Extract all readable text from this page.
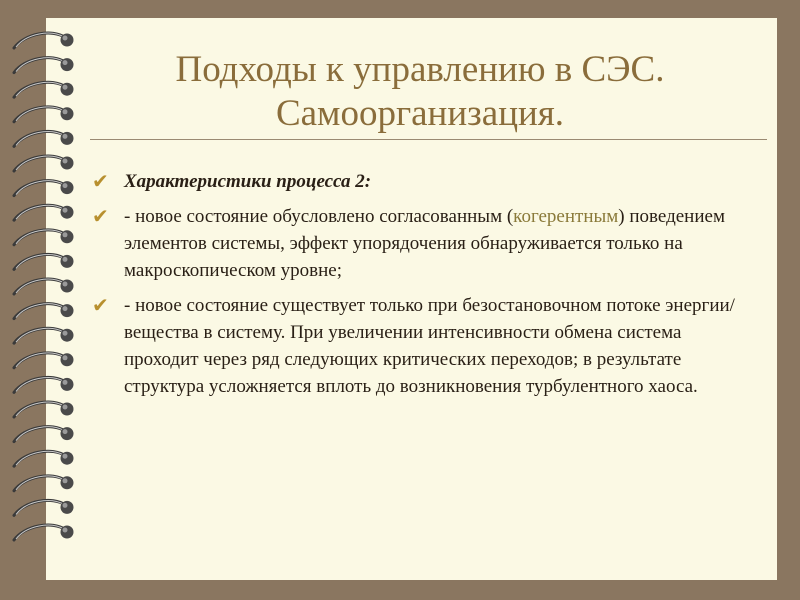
Подходы к управлению в СЭС.
Самоорганизация.
✔ Характеристики процесса 2:
✔ - новое состояние обусловлено согласованным (когерентным) поведением элементов системы, эффект упорядочения обнаруживается только на макроскопическом уровне;
✔ - новое состояние существует только при безостановочном потоке энергии/вещества в систему. При увеличении интенсивности обмена система проходит через ряд следующих критических переходов; в результате структура усложняется вплоть до возникновения турбулентного хаоса.
